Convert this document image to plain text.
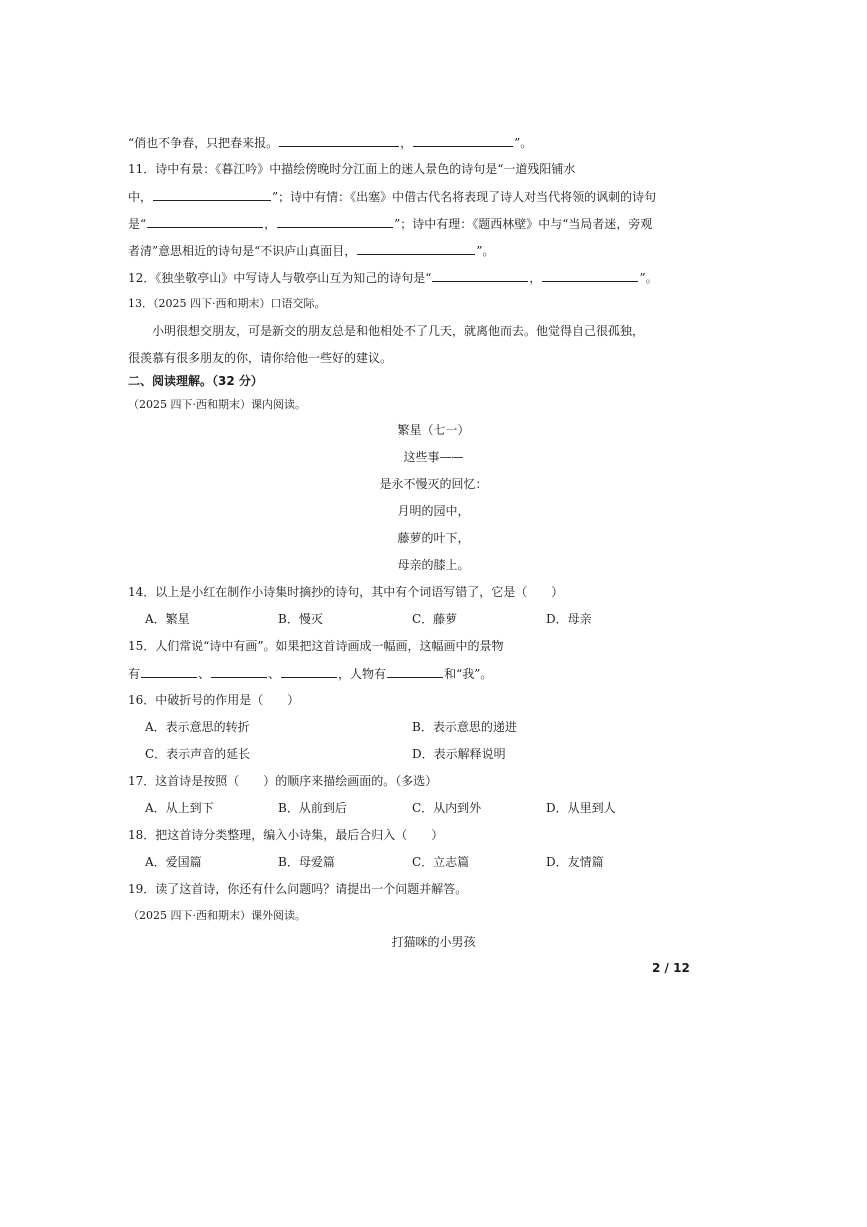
“俏也不争春，只把春来报。	，	”。
11．诗中有景：《暮江吟》中描绘傍晚时分江面上的迷人景色的诗句是“一道残阳铺水
中，	”；诗中有情：《出塞》中借古代名将表现了诗人对当代将领的讽刺的诗句
是“	，	”；诗中有理：《题西林壁》中与“当局者迷，旁观
者清”意思相近的诗句是“不识庐山真面目，	”。
12．《独坐敬亭山》中写诗人与敬亭山互为知己的诗句是“	，	”。
13．（2025 四下·西和期末）口语交际。
小明很想交朋友，可是新交的朋友总是和他相处不了几天，就离他而去。他觉得自己很孤独，
很羡慕有很多朋友的你，请你给他一些好的建议。
二、阅读理解。（32 分）
（2025 四下·西和期末）课内阅读。
繁星（七一）
这些事——
是永不慢灭的回忆：
月明的园中，
藤萝的叶下，
母亲的膝上。
14．以上是小红在制作小诗集时摘抄的诗句，其中有个词语写错了，它是（　　）
A．繁星	B．慢灭	C．藤萝	D．母亲
15．人们常说“诗中有画”。如果把这首诗画成一幅画，这幅画中的景物
有	、	、	，人物有	和“我”。
16．中破折号的作用是（　　）
A．表示意思的转折	B．表示意思的递进
C．表示声音的延长	D．表示解释说明
17．这首诗是按照（　　）的顺序来描绘画面的。（多选）
A．从上到下	B．从前到后	C．从内到外	D．从里到人
18．把这首诗分类整理，编入小诗集，最后合归入（　　）
A．爱国篇	B．母爱篇	C．立志篇	D．友情篇
19．读了这首诗，你还有什么问题吗？请提出一个问题并解答。
（2025 四下·西和期末）课外阅读。
打猫咪的小男孩
2 / 12
